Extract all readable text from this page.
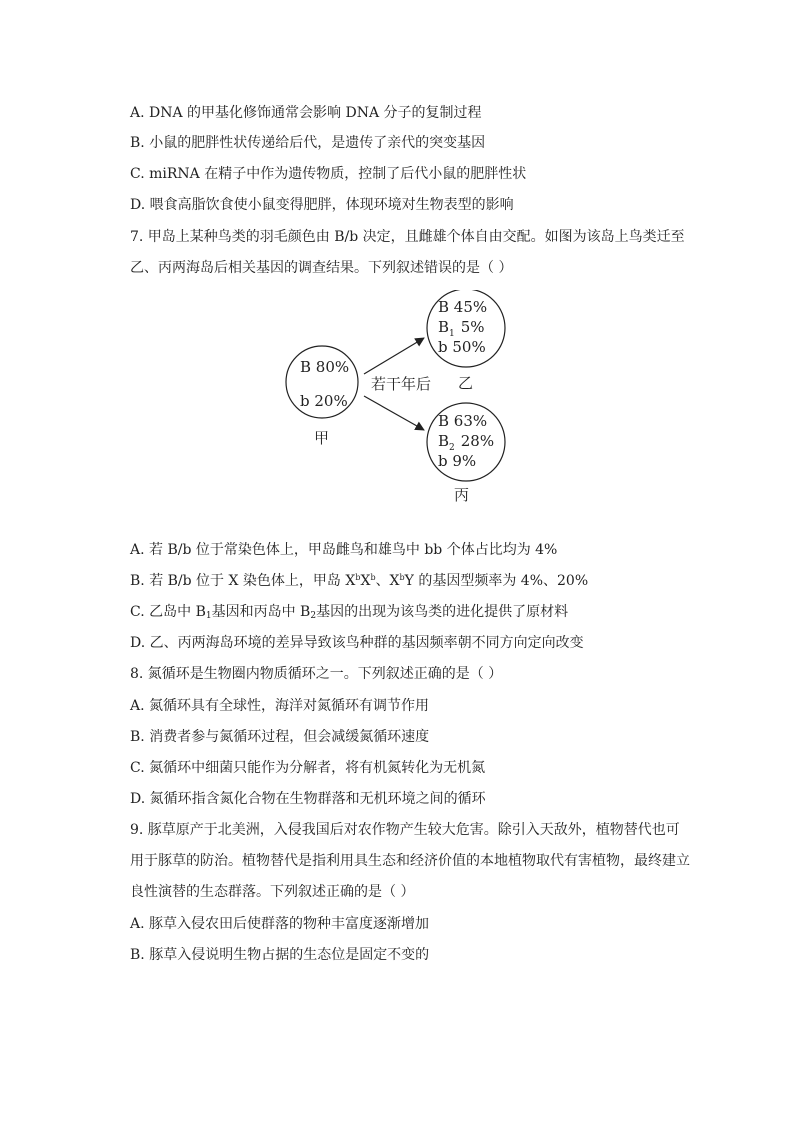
A. DNA 的甲基化修饰通常会影响 DNA 分子的复制过程
B. 小鼠的肥胖性状传递给后代，是遗传了亲代的突变基因
C. miRNA 在精子中作为遗传物质，控制了后代小鼠的肥胖性状
D. 喂食高脂饮食使小鼠变得肥胖，体现环境对生物表型的影响
7. 甲岛上某种鸟类的羽毛颜色由 B/b 决定，且雌雄个体自由交配。如图为该岛上鸟类迁至
乙、丙两海岛后相关基因的调查结果。下列叙述错误的是（ ）
B 80%
b 20%
甲
若干年后
B 45%
$B_1$ 5%
b 50%
乙
B 63%
$B_2$ 28%
b 9%
丙
A. 若 B/b 位于常染色体上，甲岛雌鸟和雄鸟中 bb 个体占比均为 4%
B. 若 B/b 位于 X 染色体上，甲岛 $X^bX^b$、$X^bY$ 的基因型频率为 4%、20%
C. 乙岛中 $B_1$基因和丙岛中 $B_2$基因的出现为该鸟类的进化提供了原材料
D. 乙、丙两海岛环境的差异导致该鸟种群的基因频率朝不同方向定向改变
8. 氮循环是生物圈内物质循环之一。下列叙述正确的是（ ）
A. 氮循环具有全球性，海洋对氮循环有调节作用
B. 消费者参与氮循环过程，但会减缓氮循环速度
C. 氮循环中细菌只能作为分解者，将有机氮转化为无机氮
D. 氮循环指含氮化合物在生物群落和无机环境之间的循环
9. 豚草原产于北美洲，入侵我国后对农作物产生较大危害。除引入天敌外，植物替代也可
用于豚草的防治。植物替代是指利用具生态和经济价值的本地植物取代有害植物，最终建立
良性演替的生态群落。下列叙述正确的是（ ）
A. 豚草入侵农田后使群落的物种丰富度逐渐增加
B. 豚草入侵说明生物占据的生态位是固定不变的
